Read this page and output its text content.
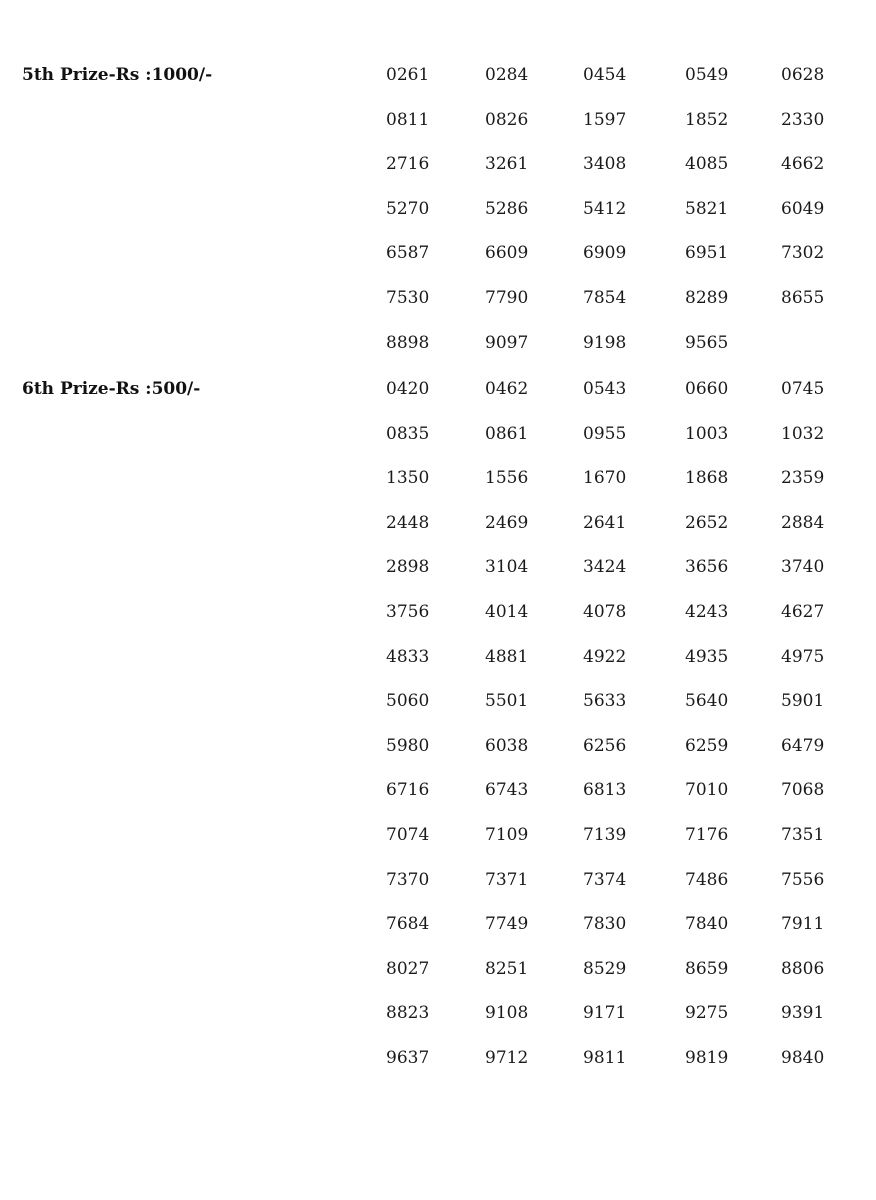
5th Prize-Rs :1000/-	0261	0284	0454	0549	0628
0811	0826	1597	1852	2330
2716	3261	3408	4085	4662
5270	5286	5412	5821	6049
6587	6609	6909	6951	7302
7530	7790	7854	8289	8655
8898	9097	9198	9565
6th Prize-Rs :500/-	0420	0462	0543	0660	0745
0835	0861	0955	1003	1032
1350	1556	1670	1868	2359
2448	2469	2641	2652	2884
2898	3104	3424	3656	3740
3756	4014	4078	4243	4627
4833	4881	4922	4935	4975
5060	5501	5633	5640	5901
5980	6038	6256	6259	6479
6716	6743	6813	7010	7068
7074	7109	7139	7176	7351
7370	7371	7374	7486	7556
7684	7749	7830	7840	7911
8027	8251	8529	8659	8806
8823	9108	9171	9275	9391
9637	9712	9811	9819	9840
